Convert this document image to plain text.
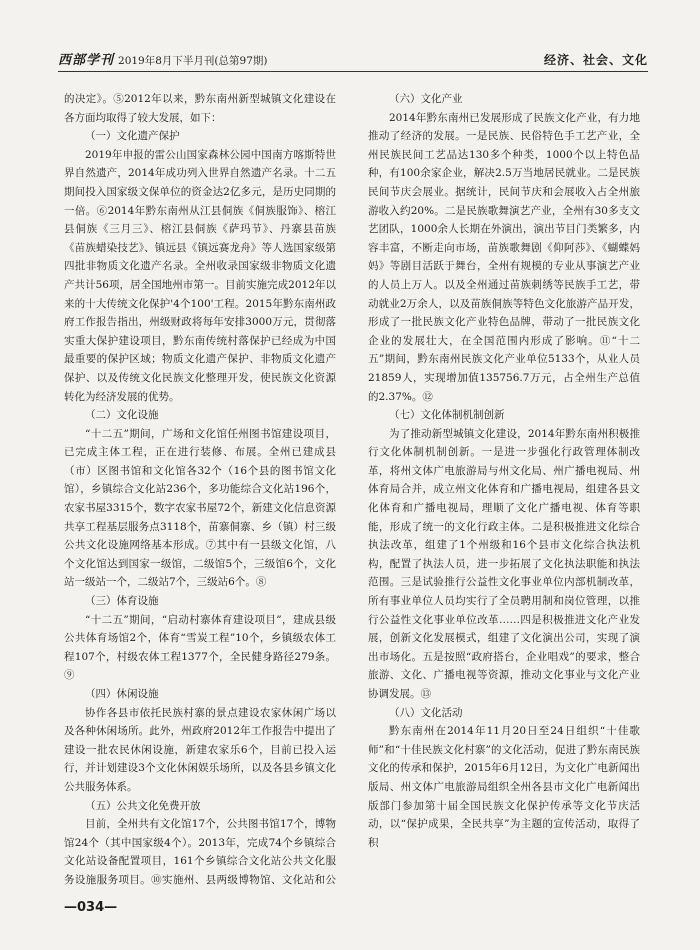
西部学刊 2019年8月下半月刊(总第97期)	经济、社会、文化

的决定》。⑤2012年以来，黔东南州新型城镇文化建设在各方面均取得了较大发展，如下：

（一）文化遗产保护

2019年申报的雷公山国家森林公园中国南方喀斯特世界自然遗产，2014年成功列入世界自然遗产名录。十二五期间投入国家级文保单位的资金达2亿多元，是历史同期的一倍。⑥2014年黔东南州从江县侗族《侗族服饰》、榕江县侗族《三月三》、榕江县侗族《萨玛节》、丹寨县苗族《苗族蜡染技艺》、镇远县《镇远赛龙舟》等人选国家级第四批非物质文化遗产名录。全州收录国家级非物质文化遗产共计56项，居全国地州市第一。目前实施完成2012年以来的十大传统文化保护'4个100'工程。2015年黔东南州政府工作报告指出，州级财政将每年安排3000万元，贯彻落实重大保护建设项目，黔东南传统村落保护已经成为中国最重要的保护区域；物质文化遗产保护、非物质文化遗产保护、以及传统文化民族文化整理开发，使民族文化资源转化为经济发展的优势。

（二）文化设施

“十二五”期间，广场和文化馆任州图书馆建设项目，已完成主体工程，正在进行装修、布展。全州已建成县（市）区图书馆和文化馆各32个（16个县的图书馆文化馆），乡镇综合文化站236个，多功能综合文化站196个，农家书屋3315个，数字农家书屋72个，新建文化信息资源共享工程基层服务点3118个，苗寨侗寨、乡（镇）村三级公共文化设施网络基本形成。⑦其中有一县级文化馆，八个文化馆达到国家一级馆，二级馆5个，三级馆6个，文化站一级站一个，二级站7个，三级站6个。⑧

（三）体育设施

“十二五”期间，“启动村寨体育建设项目”，建成县级公共体育场馆2个，体育“雪炭工程”10个，乡镇级农体工程107个，村级农体工程1377个，全民健身路径279条。⑨

（四）休闲设施

协作各县市依托民族村寨的景点建设农家休闲广场以及各种休闲场所。此外，州政府2012年工作报告中提出了建设一批农民休闲设施，新建农家乐6个，目前已投入运行，并计划建设3个文化休闲娱乐场所，以及各县乡镇文化公共服务体系。

（五）公共文化免费开放

目前，全州共有文化馆17个，公共图书馆17个，博物馆24个（其中国家级4个）。2013年，完成74个乡镇综合文化站设备配置项目，161个乡镇综合文化站公共文化服务设施服务项目。⑩实施州、县两级博物馆、文化站和公

（六）文化产业

2014年黔东南州已发展形成了民族文化产业，有力地推动了经济的发展。一是民族、民俗特色手工艺产业，全州民族民间工艺品达130多个种类，1000个以上特色品种，有100余家企业，解决2.5万当地居民就业。二是民族民间节庆会展业。据统计，民间节庆和会展收入占全州旅游收入约20%。二是民族歌舞演艺产业，全州有30多支文艺团队，1000余人长期在外演出，演出节目门类繁多，内容丰富，不断走向市场，苗族歌舞剧《仰阿莎》、《蝴蝶妈妈》等剧目活跃于舞台，全州有规模的专业从事演艺产业的人员上万人。以及全州通过苗族刺绣等民族手工艺，带动就业2万余人，以及苗族侗族等特色文化旅游产品开发，形成了一批民族文化产业特色品牌，带动了一批民族文化企业的发展壮大，在全国范围内形成了影响。⑪“十二五”期间，黔东南州民族文化产业单位5133个，从业人员21859人，实现增加值135756.7万元，占全州生产总值的2.37%。⑫

（七）文化体制机制创新

为了推动新型城镇文化建设，2014年黔东南州积极推行文化体制机制创新。一是进一步强化行政管理体制改革，将州文体广电旅游局与州文化局、州广播电视局、州体育局合并，成立州文化体育和广播电视局，组建各县文化体育和广播电视局，理顺了文化广播电视、体育等职能，形成了统一的文化行政主体。二是积极推进文化综合执法改革，组建了1个州级和16个县市文化综合执法机构，配置了执法人员，进一步拓展了文化执法职能和执法范围。三是试验推行公益性文化事业单位内部机制改革，所有事业单位人员均实行了全员聘用制和岗位管理，以推行公益性文化事业单位改革……四是积极推进文化产业发展，创新文化发展模式，组建了文化演出公司，实现了演出市场化。五是按照“政府搭台，企业唱戏”的要求，整合旅游、文化、广播电视等资源，推动文化事业与文化产业协调发展。⑬

（八）文化活动

黔东南州在2014年11月20日至24日组织“十佳歌师”和“十佳民族文化村寨”的文化活动，促进了黔东南民族文化的传承和保护，2015年6月12日，为文化广电新闻出版局、州文体广电旅游局组织全州各县市文化广电新闻出版部门参加第十届全国民族文化保护传承等文化节庆活动，以“保护成果，全民共享”为主题的宣传活动，取得了积

—034—
